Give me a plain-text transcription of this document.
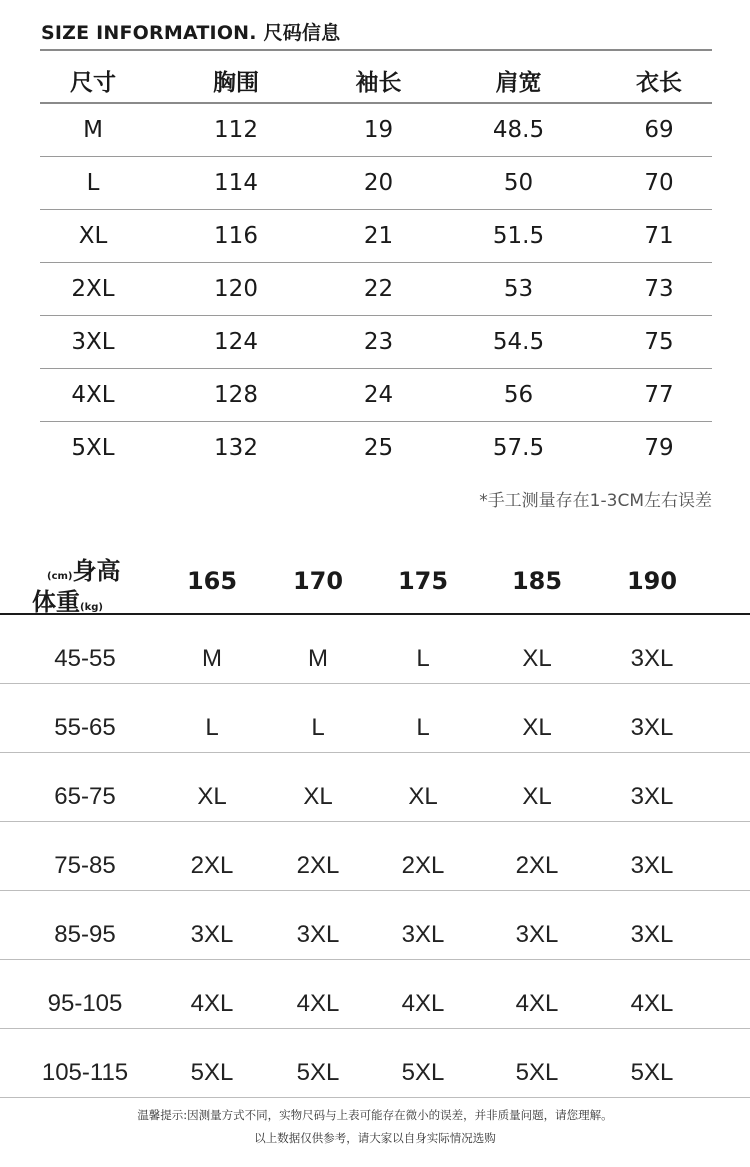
SIZE INFORMATION. 尺码信息
尺寸	胸围	袖长	肩宽	衣长
M	112	19	48.5	69
L	114	20	50	70
XL	116	21	51.5	71
2XL	120	22	53	73
3XL	124	23	54.5	75
4XL	128	24	56	77
5XL	132	25	57.5	79
*手工测量存在1-3CM左右误差
(cm)身高
体重(kg)
165 170 175	185	190
45-55	M	M	L	XL	3XL
55-65	L	L	L	XL	3XL
65-75	XL	XL	XL	XL	3XL
75-85	2XL	2XL	2XL	2XL	3XL
85-95	3XL	3XL	3XL	3XL	3XL
95-105	4XL	4XL	4XL	4XL	4XL
105-115	5XL	5XL	5XL	5XL	5XL
温馨提示:因测量方式不同，实物尺码与上表可能存在微小的误差，并非质量问题，请您理解。
以上数据仅供参考，请大家以自身实际情况选购
